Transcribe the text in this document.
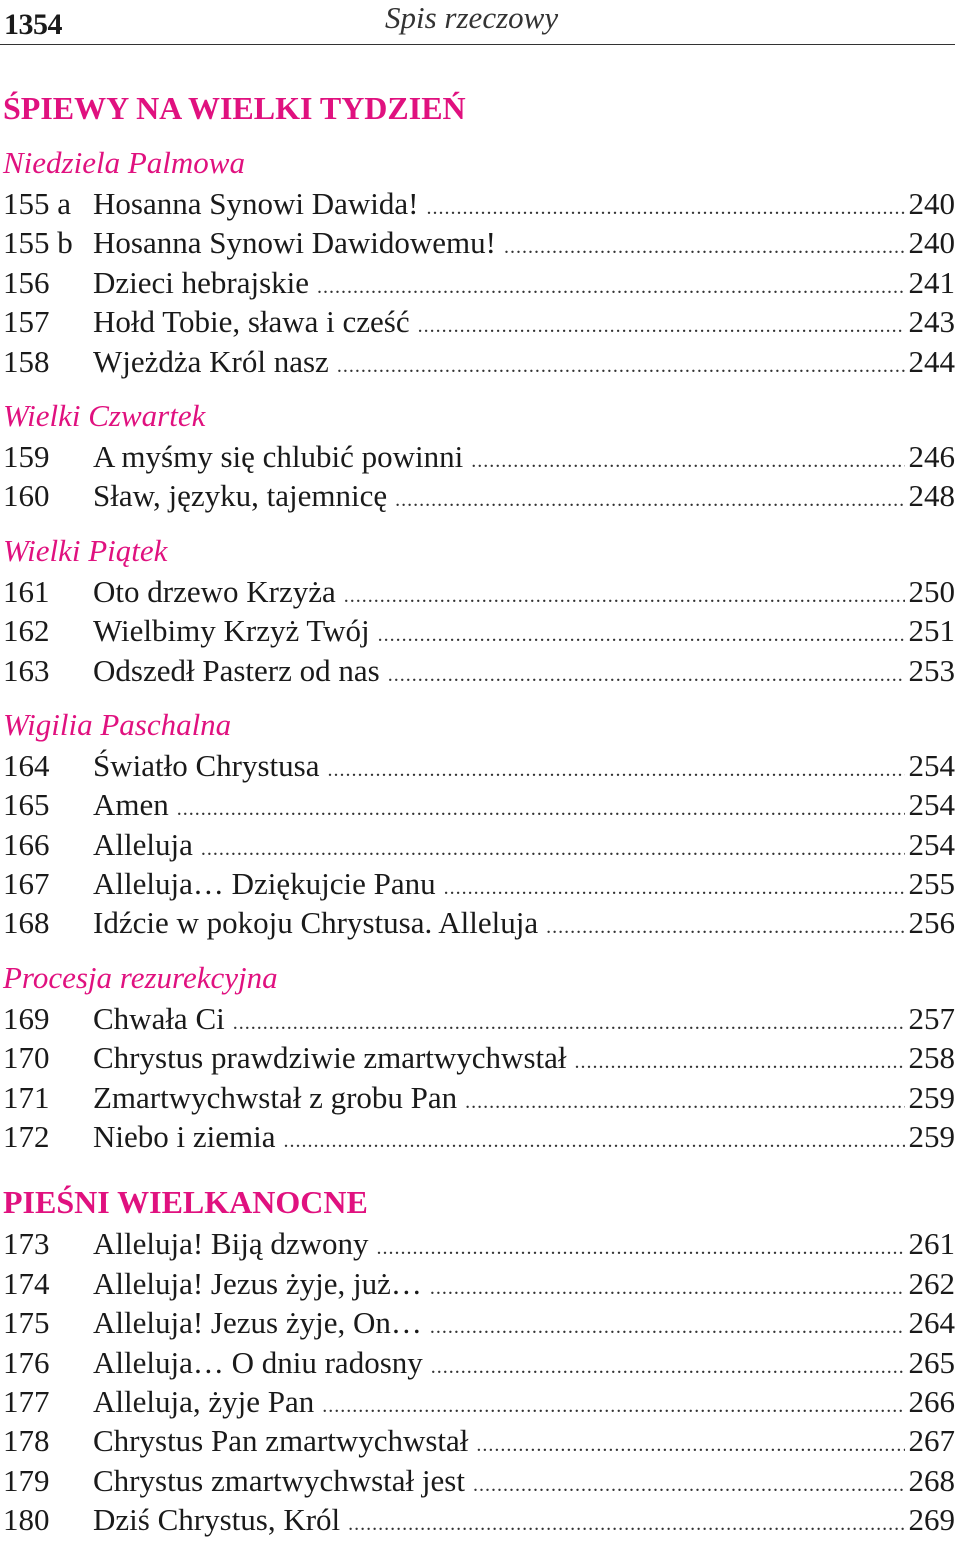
1354	Spis rzeczowy
ŚPIEWY NA WIELKI TYDZIEŃ
Niedziela Palmowa
155 a Hosanna Synowi Dawida! .....	240
155 b Hosanna Synowi Dawidowemu! .....	240
156	Dzieci hebrajskie .....	241
157	Hołd Tobie, sława i cześć .....	243
158	Wjeżdża Król nasz .....	244
Wielki Czwartek
159	A myśmy się chlubić powinni .....	246
160	Sław, języku, tajemnicę .....	248
Wielki Piątek
161	Oto drzewo Krzyża .....	250
162	Wielbimy Krzyż Twój .....	251
163	Odszedł Pasterz od nas .....	253
Wigilia Paschalna
164	Światło Chrystusa .....	254
165	Amen .....	254
166	Alleluja .....	254
167	Alleluja… Dziękujcie Panu .....	255
168	Idźcie w pokoju Chrystusa. Alleluja .....	256
Procesja rezurekcyjna
169	Chwała Ci .....	257
170	Chrystus prawdziwie zmartwychwstał .....	258
171	Zmartwychwstał z grobu Pan .....	259
172	Niebo i ziemia .....	259
PIEŚNI WIELKANOCNE
173	Alleluja! Biją dzwony .....	261
174	Alleluja! Jezus żyje, już… .....	262
175	Alleluja! Jezus żyje, On… .....	264
176	Alleluja… O dniu radosny .....	265
177	Alleluja, żyje Pan .....	266
178	Chrystus Pan zmartwychwstał .....	267
179	Chrystus zmartwychwstał jest .....	268
180	Dziś Chrystus, Król .....	269
